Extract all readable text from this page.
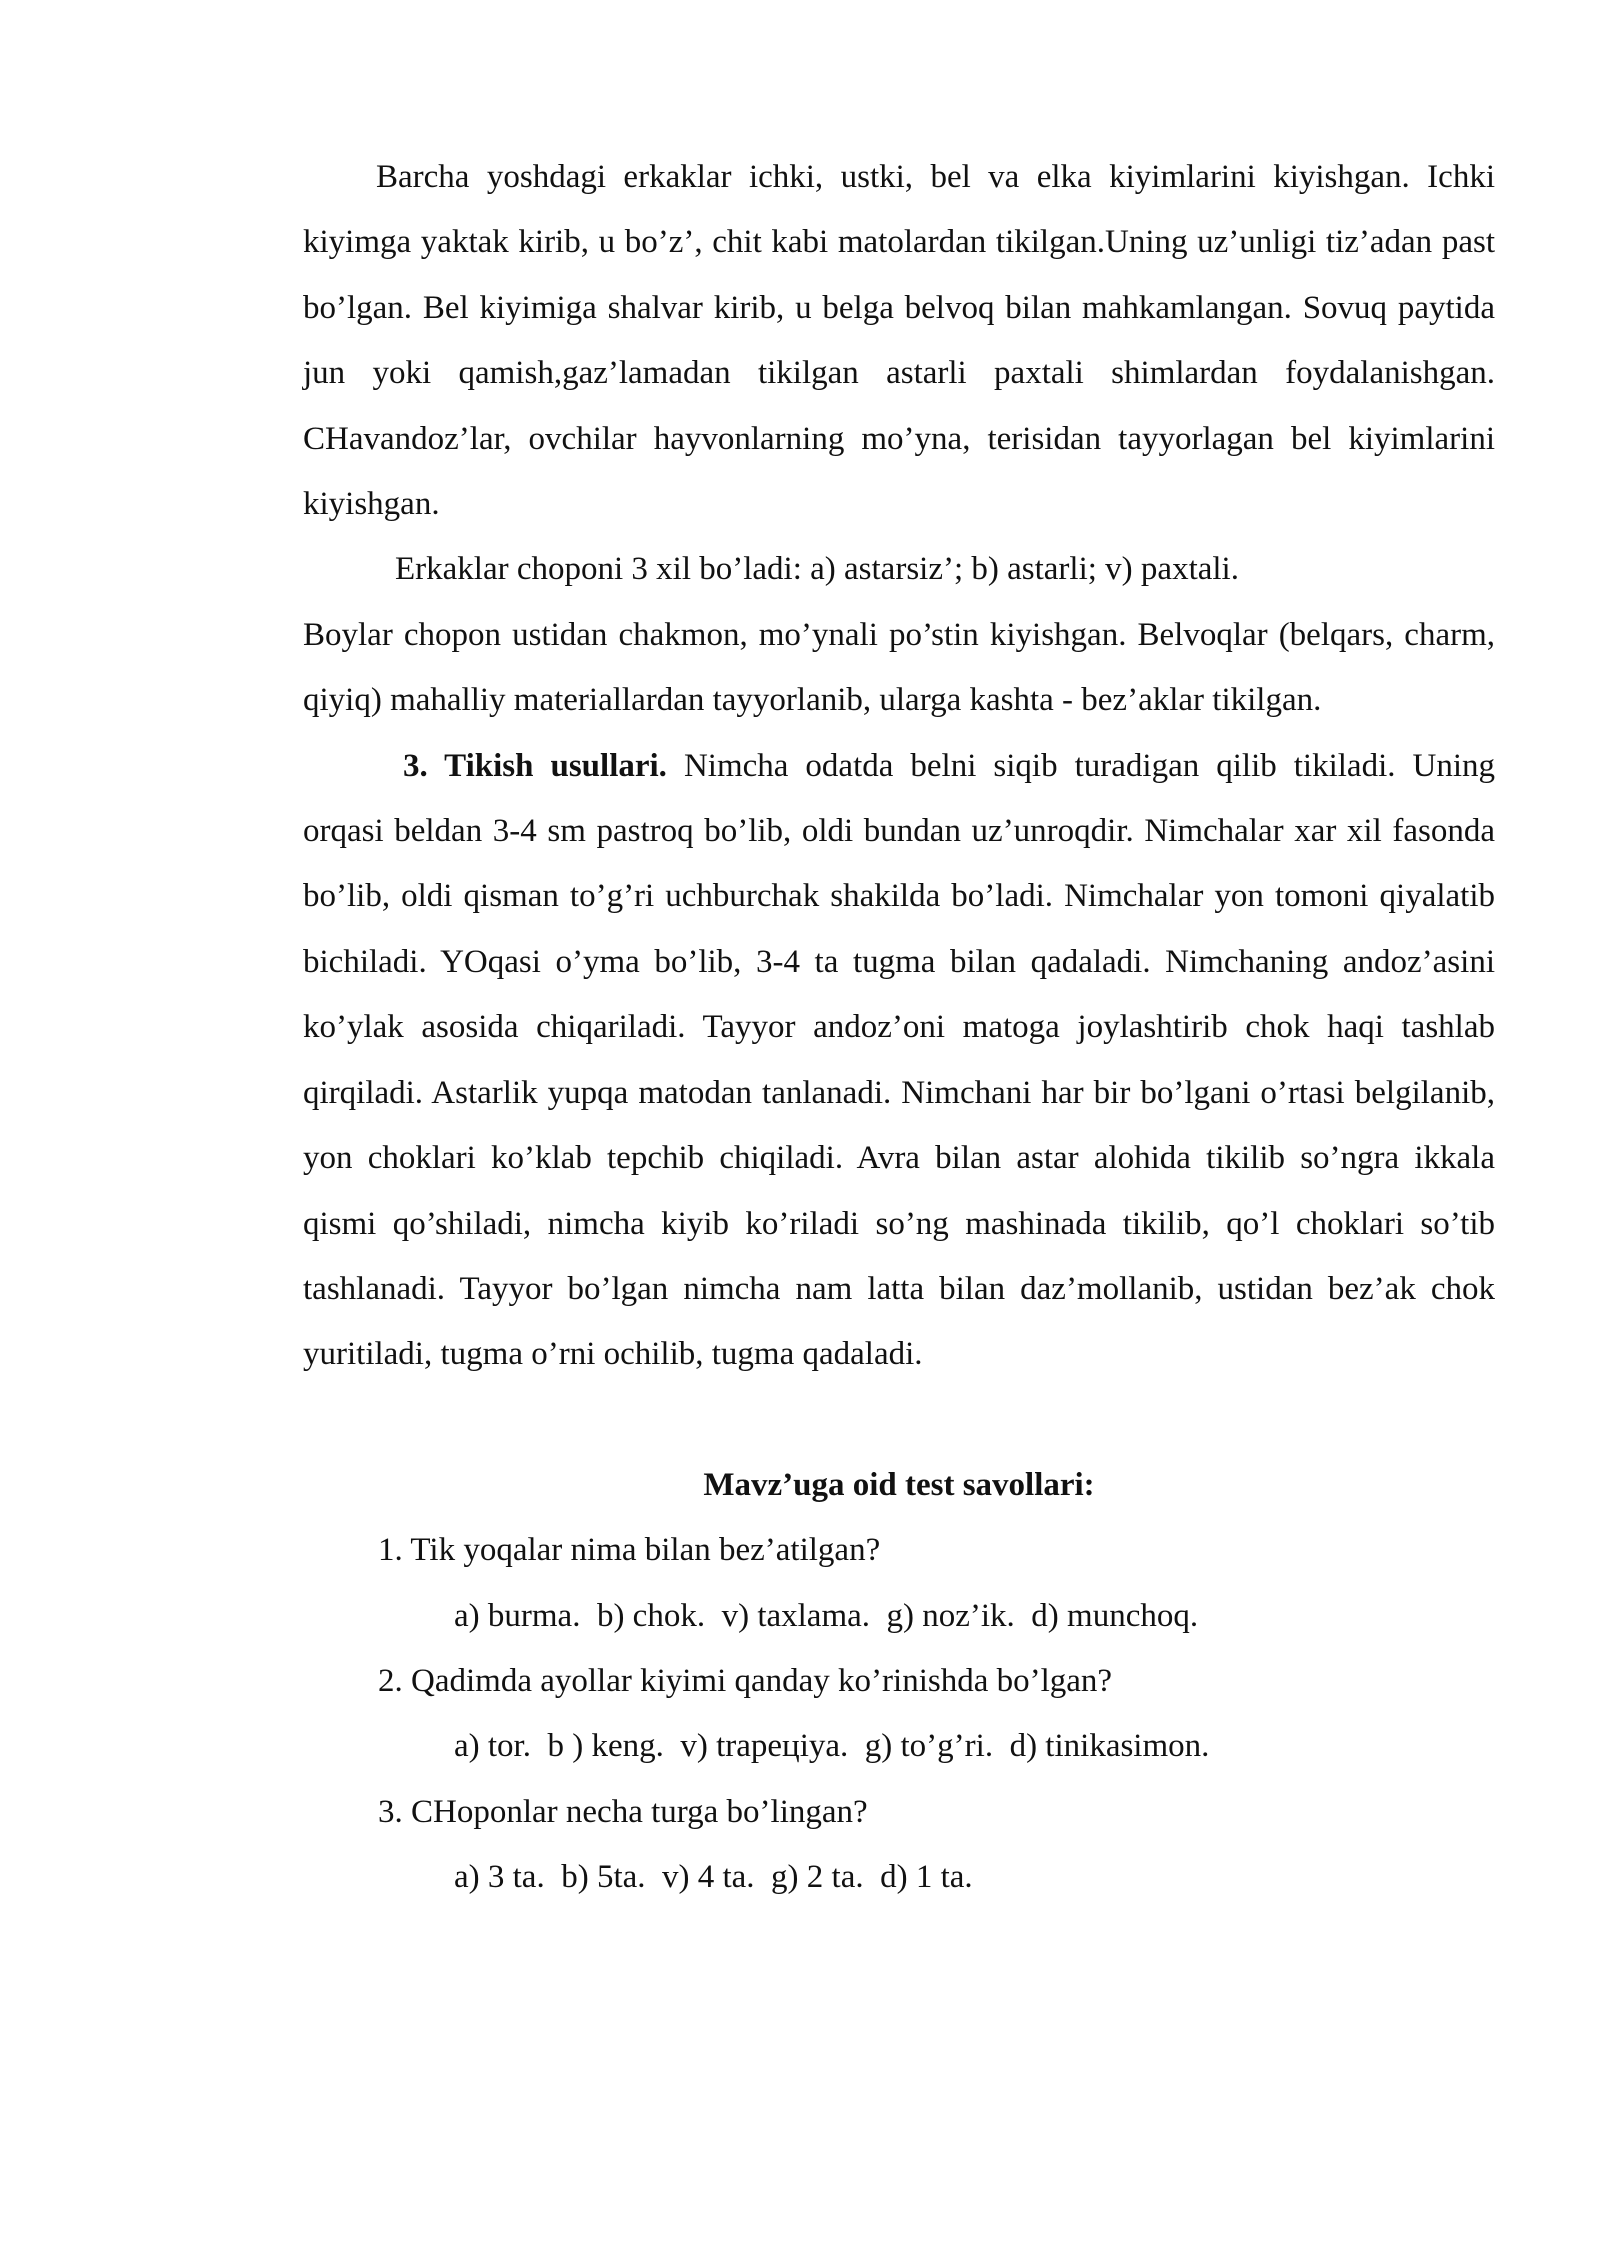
Barcha yoshdagi erkaklar ichki, ustki, bel va elka kiyimlarini kiyishgan. Ichki kiyimga yaktak kirib, u bo’z’, chit kabi matolardan tikilgan.Uning uz’unligi tiz’adan past bo’lgan. Bel kiyimiga shalvar kirib, u belga belvoq bilan mahkamlangan. Sovuq paytida jun yoki qamish,gaz’lamadan tikilgan astarli paxtali shimlardan foydalanishgan. CHavandoz’lar, ovchilar hayvonlarning mo’yna, terisidan tayyorlagan bel kiyimlarini kiyishgan.

Erkaklar choponi 3 xil bo’ladi: a) astarsiz’; b) astarli; v) paxtali.

Boylar chopon ustidan chakmon, mo’ynali po’stin kiyishgan. Belvoqlar (belqars, charm, qiyiq) mahalliy materiallardan tayyorlanib, ularga kashta - bez’aklar tikilgan.

3. Tikish usullari. Nimcha odatda belni siqib turadigan qilib tikiladi. Uning orqasi beldan 3-4 sm pastroq bo’lib, oldi bundan uz’unroqdir. Nimchalar xar xil fasonda bo’lib, oldi qisman to’g’ri uchburchak shakilda bo’ladi. Nimchalar yon tomoni qiyalatib bichiladi. YOqasi o’yma bo’lib, 3-4 ta tugma bilan qadaladi. Nimchaning andoz’asini ko’ylak asosida chiqariladi. Tayyor andoz’oni matoga joylashtirib chok haqi tashlab qirqiladi. Astarlik yupqa matodan tanlanadi. Nimchani har bir bo’lgani o’rtasi belgilanib, yon choklari ko’klab tepchib chiqiladi. Avra bilan astar alohida tikilib so’ngra ikkala qismi qo’shiladi, nimcha kiyib ko’riladi so’ng mashinada tikilib, qo’l choklari so’tib tashlanadi. Tayyor bo’lgan nimcha nam latta bilan daz’mollanib, ustidan bez’ak chok yuritiladi, tugma o’rni ochilib, tugma qadaladi.

Mavz’uga oid test savollari:

1. Tik yoqalar nima bilan bez’atilgan?

a) burma.  b) chok.  v) taxlama.  g) noz’ik.  d) munchoq.

2. Qadimda ayollar kiyimi qanday ko’rinishda bo’lgan?

a) tor.  b ) keng.  v) trapeцiya.  g) to’g’ri.  d) tinikasimon.

3. CHoponlar necha turga bo’lingan?

a) 3 ta.  b) 5ta.  v) 4 ta.  g) 2 ta.  d) 1 ta.
